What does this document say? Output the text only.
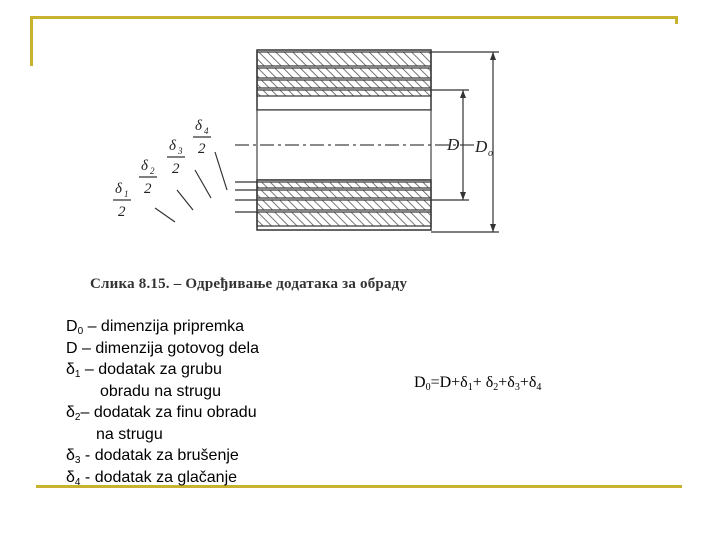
D D o
δ 1
2
δ 2
2
δ 3
2
δ 4
2
Слика 8.15. – Одређивање додатака за обраду
$D_0$ – dimenzija pripremka
D – dimenzija gotovog dela
$\delta_1$ – dodatak za grubu
obradu na strugu
$\delta_2-$ dodatak za finu obradu
na strugu
$\delta_3$ - dodatak za brušenje
$\delta_4$ - dodatak za glačanje
$D_0=D+\delta_1+ \delta_2+\delta_3+\delta_4$
